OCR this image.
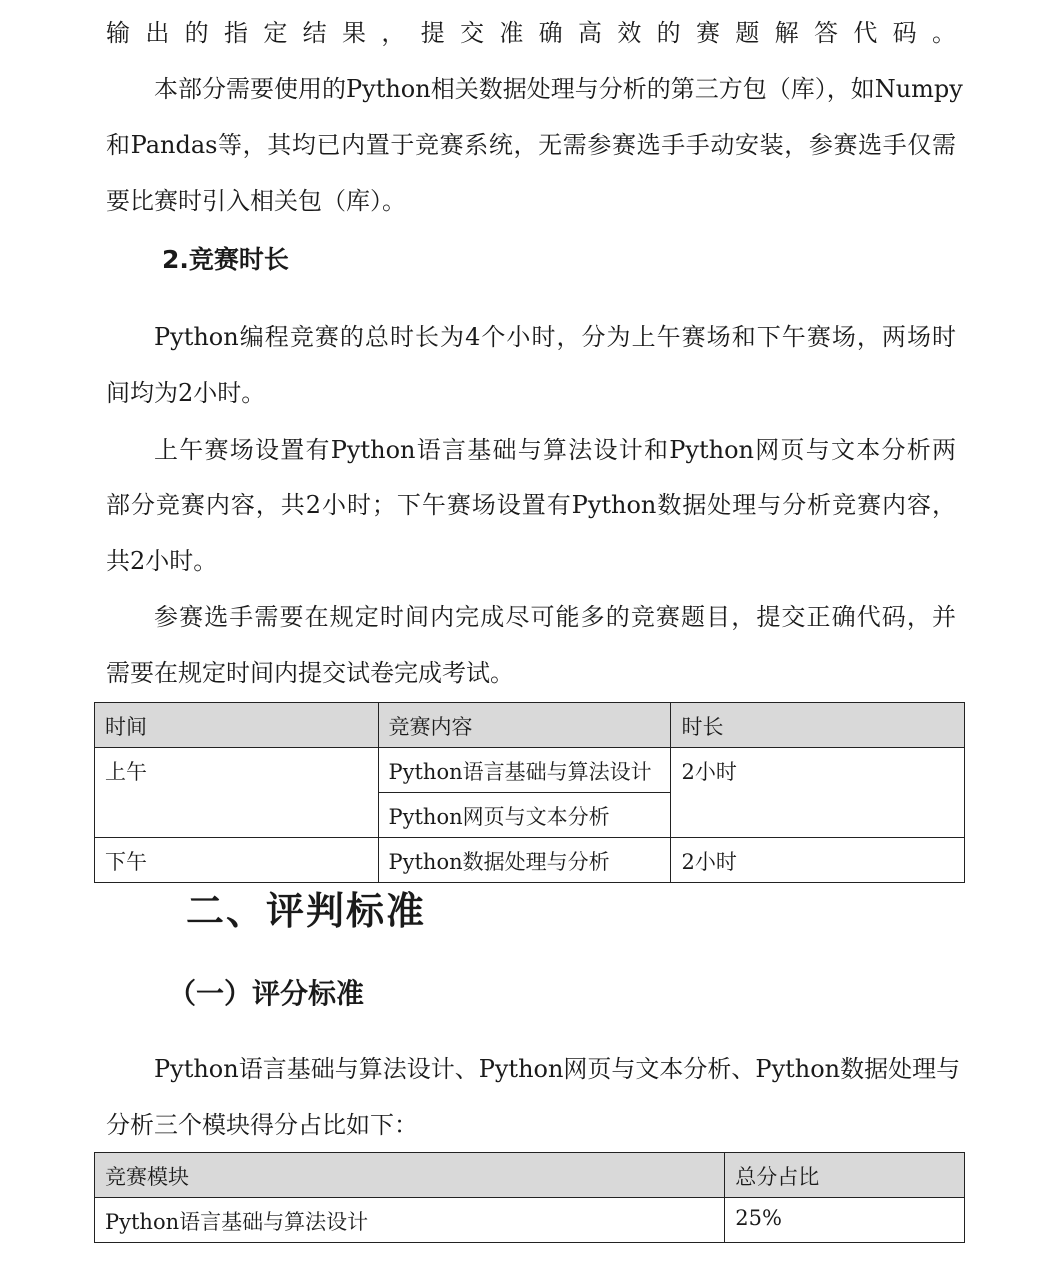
输出的指定结果，提交准确高效的赛题解答代码。
本部分需要使用的Python相关数据处理与分析的第三方包（库），如Numpy
和Pandas等，其均已内置于竞赛系统，无需参赛选手手动安装，参赛选手仅需
要比赛时引入相关包（库）。
2.竞赛时长
Python编程竞赛的总时长为4个小时，分为上午赛场和下午赛场，两场时
间均为2小时。
上午赛场设置有Python语言基础与算法设计和Python网页与文本分析两
部分竞赛内容，共2小时；下午赛场设置有Python数据处理与分析竞赛内容，
共2小时。
参赛选手需要在规定时间内完成尽可能多的竞赛题目，提交正确代码，并
需要在规定时间内提交试卷完成考试。
时间	竞赛内容	时长
上午	Python语言基础与算法设计	2小时
	Python网页与文本分析	
下午	Python数据处理与分析	2小时
二、评判标准
（一）评分标准
Python语言基础与算法设计、Python网页与文本分析、Python数据处理与
分析三个模块得分占比如下：
竞赛模块	总分占比
Python语言基础与算法设计	25%
